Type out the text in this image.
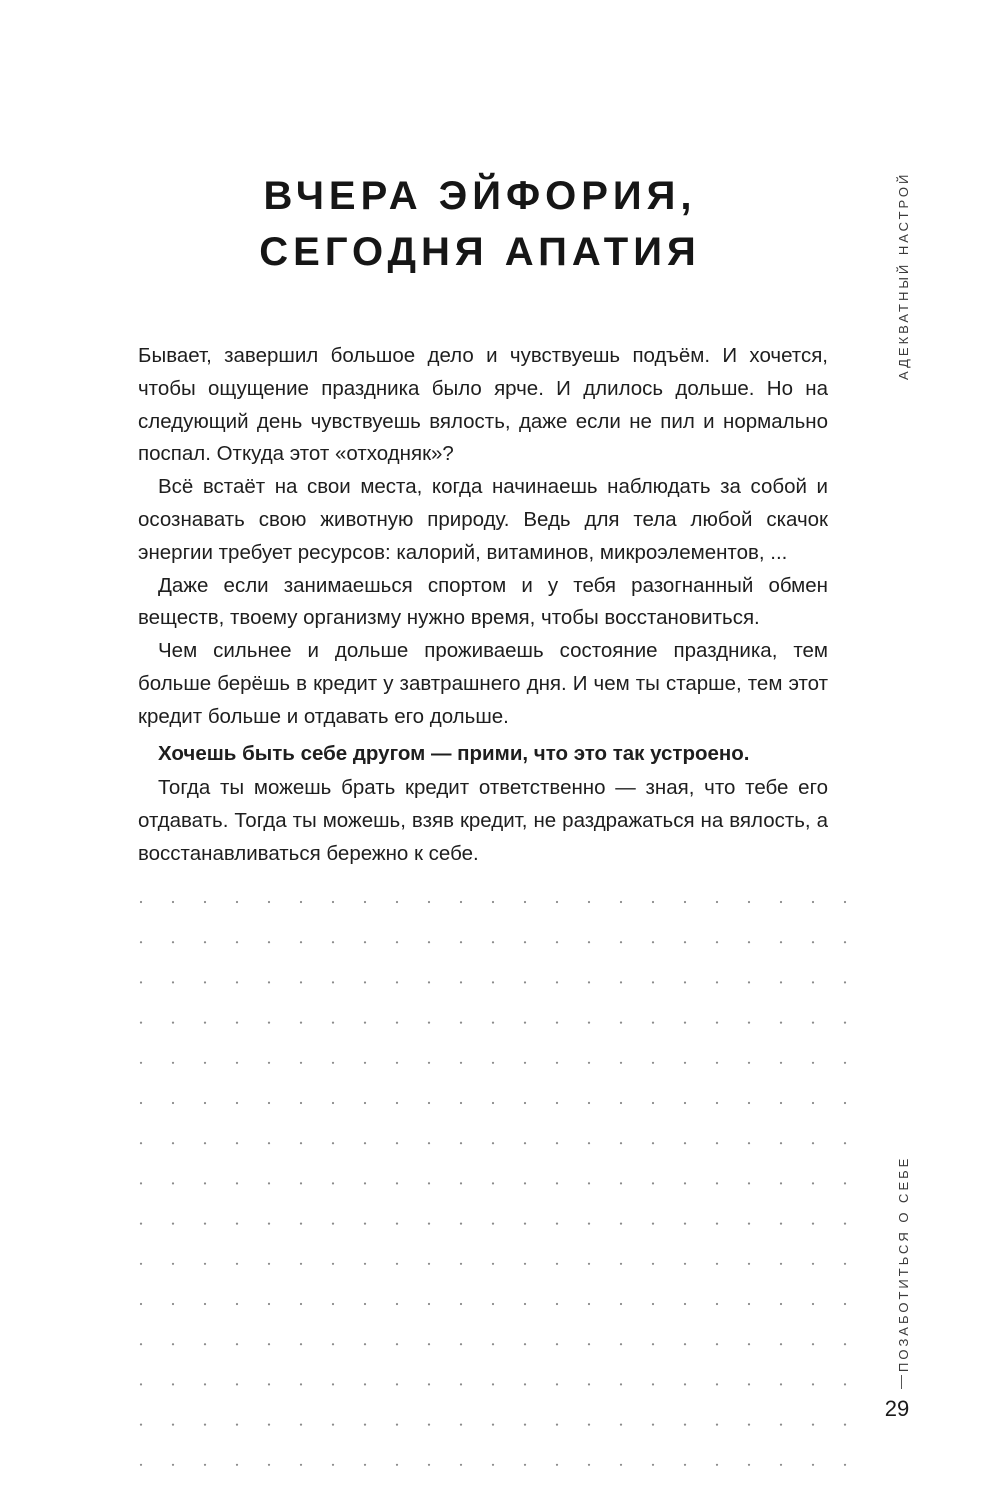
ВЧЕРА ЭЙФОРИЯ,
СЕГОДНЯ АПАТИЯ

Бывает, завершил большое дело и чувствуешь подъём. И хочется, чтобы ощущение праздника было ярче. И длилось дольше. Но на следующий день чувствуешь вялость, даже если не пил и нормально поспал. Откуда этот «отходняк»?

Всё встаёт на свои места, когда начинаешь наблюдать за собой и осознавать свою животную природу. Ведь для тела любой скачок энергии требует ресурсов: калорий, витаминов, микроэлементов, ...

Даже если занимаешься спортом и у тебя разогнанный обмен веществ, твоему организму нужно время, чтобы восстановиться.

Чем сильнее и дольше проживаешь состояние праздника, тем больше берёшь в кредит у завтрашнего дня. И чем ты старше, тем этот кредит больше и отдавать его дольше.

Хочешь быть себе другом — прими, что это так устроено.

Тогда ты можешь брать кредит ответственно — зная, что тебе его отдавать. Тогда ты можешь, взяв кредит, не раздражаться на вялость, а восстанавливаться бережно к себе.

АДЕКВАТНЫЙ НАСТРОЙ
ПОЗАБОТИТЬСЯ О СЕБЕ
29
